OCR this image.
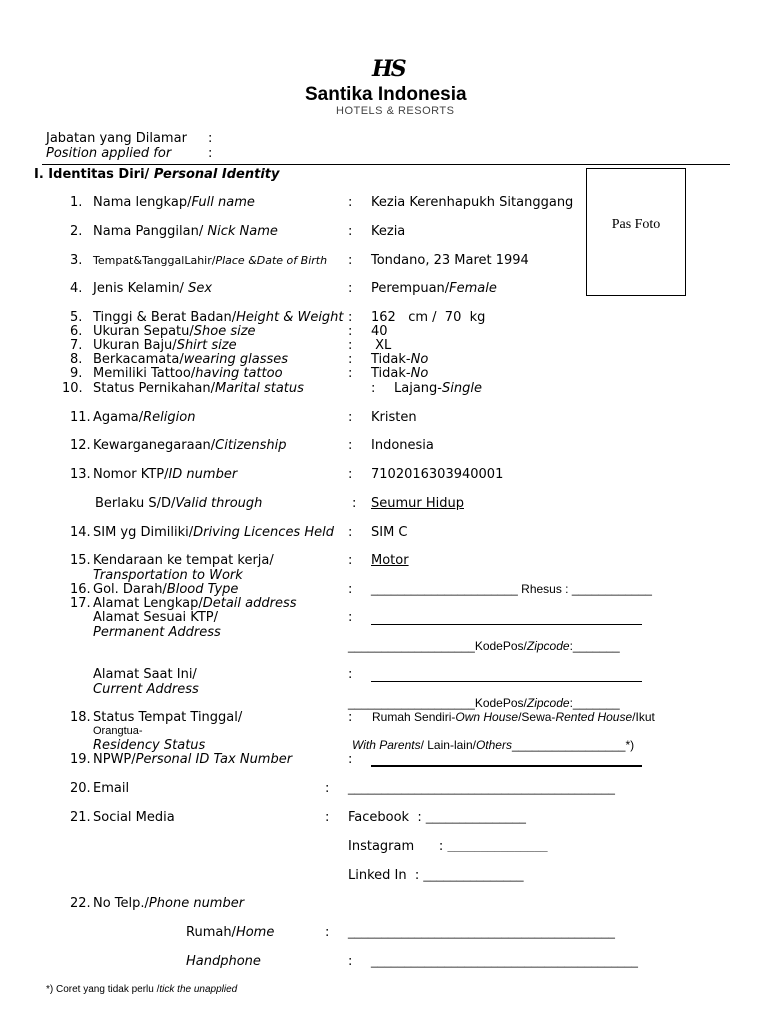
HS
Santika Indonesia
HOTELS & RESORTS
Jabatan yang Dilamar :
Position applied for	:
I. Identitas Diri/ Personal Identity
Pas Foto
1. Nama lengkap/Full name	: Kezia Kerenhapukh Sitanggang
2. Nama Panggilan/ Nick Name	: Kezia
3. Tempat&TanggalLahir/Place &Date of Birth : Tondano, 23 Maret 1994
4. Jenis Kelamin/ Sex	: Perempuan/Female
5. Tinggi & Berat Badan/Height & Weight : 162   cm /  70  kg
6. Ukuran Sepatu/Shoe size	: 40
7. Ukuran Baju/Shirt size	: XL
8. Berkacamata/wearing glasses	: Tidak-No
9. Memiliki Tattoo/having tattoo	: Tidak-No
10. Status Pernikahan/Marital status	: Lajang-Single
11. Agama/Religion	: Kristen
12. Kewarganegaraan/Citizenship	: Indonesia
13. Nomor KTP/ID number	: 7102016303940001
Berlaku S/D/Valid through	: Seumur Hidup
14. SIM yg Dimiliki/Driving Licences Held : SIM C
15. Kendaraan ke tempat kerja/
Transportation to Work
: Motor
16. Gol. Darah/Blood Type	: ______________________ Rhesus : ____________
17. Alamat Lengkap/Detail address
Alamat Sesuai KTP/
Permanent Address
:
___________________KodePos/Zipcode:_______
Alamat Saat Ini/
Current Address
:
___________________KodePos/Zipcode:_______
18. Status Tempat Tinggal/
Orangtua-
Residency Status
: Rumah Sendiri-Own House/Sewa-Rented House/Ikut
With Parents/ Lain-lain/Others_________________*)
19. NPWP/Personal ID Tax Number	:
20. Email	: ________________________________________
21. Social Media	: Facebook  : _______________
Instagram      : _______________
Linked In  : _______________
22. No Telp./Phone number
Rumah/Home	: ________________________________________
Handphone	: ________________________________________
*) Coret yang tidak perlu /tick the unapplied
